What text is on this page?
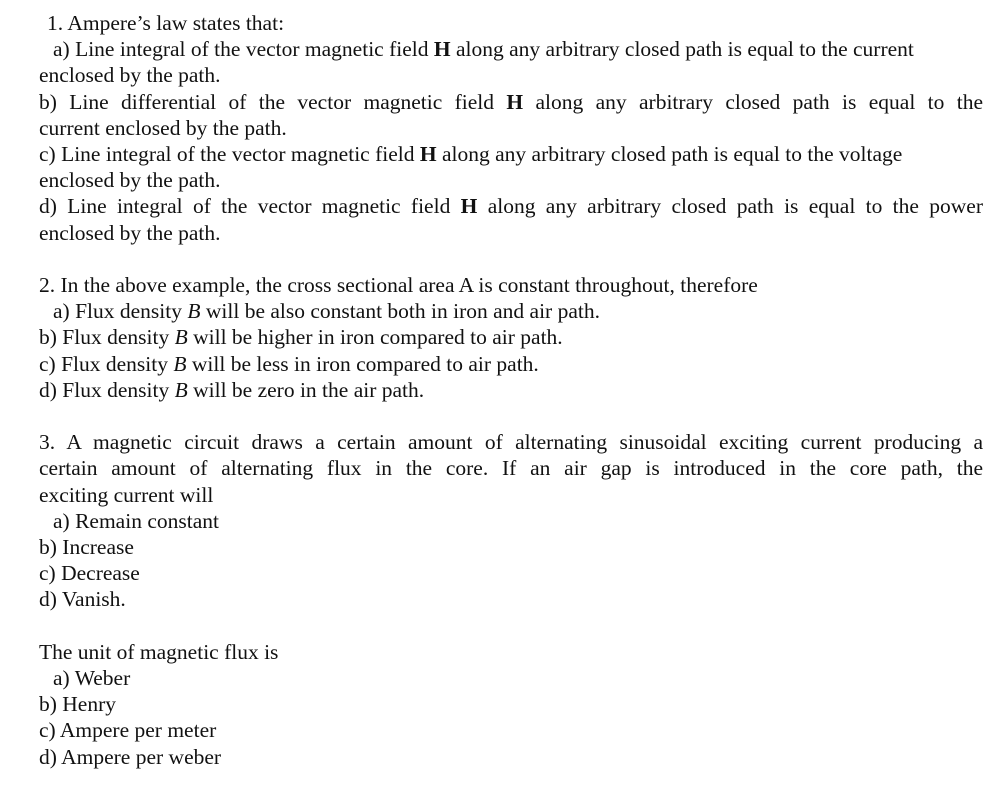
1. Ampere’s law states that:
a) Line integral of the vector magnetic field H along any arbitrary closed path is equal to the current
enclosed by the path.
b) Line differential of the vector magnetic field H along any arbitrary closed path is equal to the
current enclosed by the path.
c) Line integral of the vector magnetic field H along any arbitrary closed path is equal to the voltage
enclosed by the path.
d) Line integral of the vector magnetic field H along any arbitrary closed path is equal to the power
enclosed by the path.
2. In the above example, the cross sectional area A is constant throughout, therefore
a) Flux density B will be also constant both in iron and air path.
b) Flux density B will be higher in iron compared to air path.
c) Flux density B will be less in iron compared to air path.
d) Flux density B will be zero in the air path.
3. A magnetic circuit draws a certain amount of alternating sinusoidal exciting current producing a
certain amount of alternating flux in the core. If an air gap is introduced in the core path, the
exciting current will
a) Remain constant
b) Increase
c) Decrease
d) Vanish.
The unit of magnetic flux is
a) Weber
b) Henry
c) Ampere per meter
d) Ampere per weber
